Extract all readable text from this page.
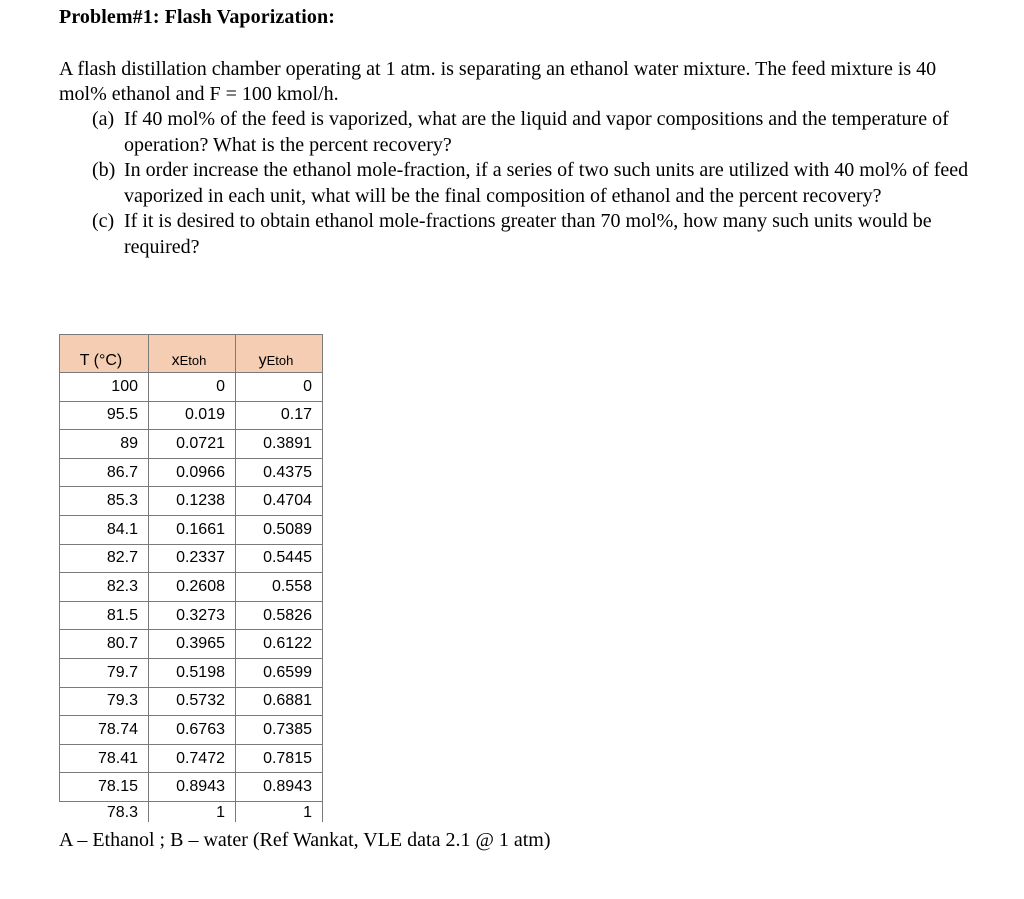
Problem#1: Flash Vaporization:
A flash distillation chamber operating at 1 atm. is separating an ethanol water mixture. The feed mixture is 40 mol% ethanol and F = 100 kmol/h.
(a) If 40 mol% of the feed is vaporized, what are the liquid and vapor compositions and the temperature of operation? What is the percent recovery?
(b) In order increase the ethanol mole-fraction, if a series of two such units are utilized with 40 mol% of feed vaporized in each unit, what will be the final composition of ethanol and the percent recovery?
(c) If it is desired to obtain ethanol mole-fractions greater than 70 mol%, how many such units would be required?
T (°C)	xEtoh	yEtoh
100	0	0
95.5	0.019	0.17
89	0.0721	0.3891
86.7	0.0966	0.4375
85.3	0.1238	0.4704
84.1	0.1661	0.5089
82.7	0.2337	0.5445
82.3	0.2608	0.558
81.5	0.3273	0.5826
80.7	0.3965	0.6122
79.7	0.5198	0.6599
79.3	0.5732	0.6881
78.74	0.6763	0.7385
78.41	0.7472	0.7815
78.15	0.8943	0.8943
78.3	1	1
A – Ethanol ; B – water (Ref Wankat, VLE data 2.1 @ 1 atm)
